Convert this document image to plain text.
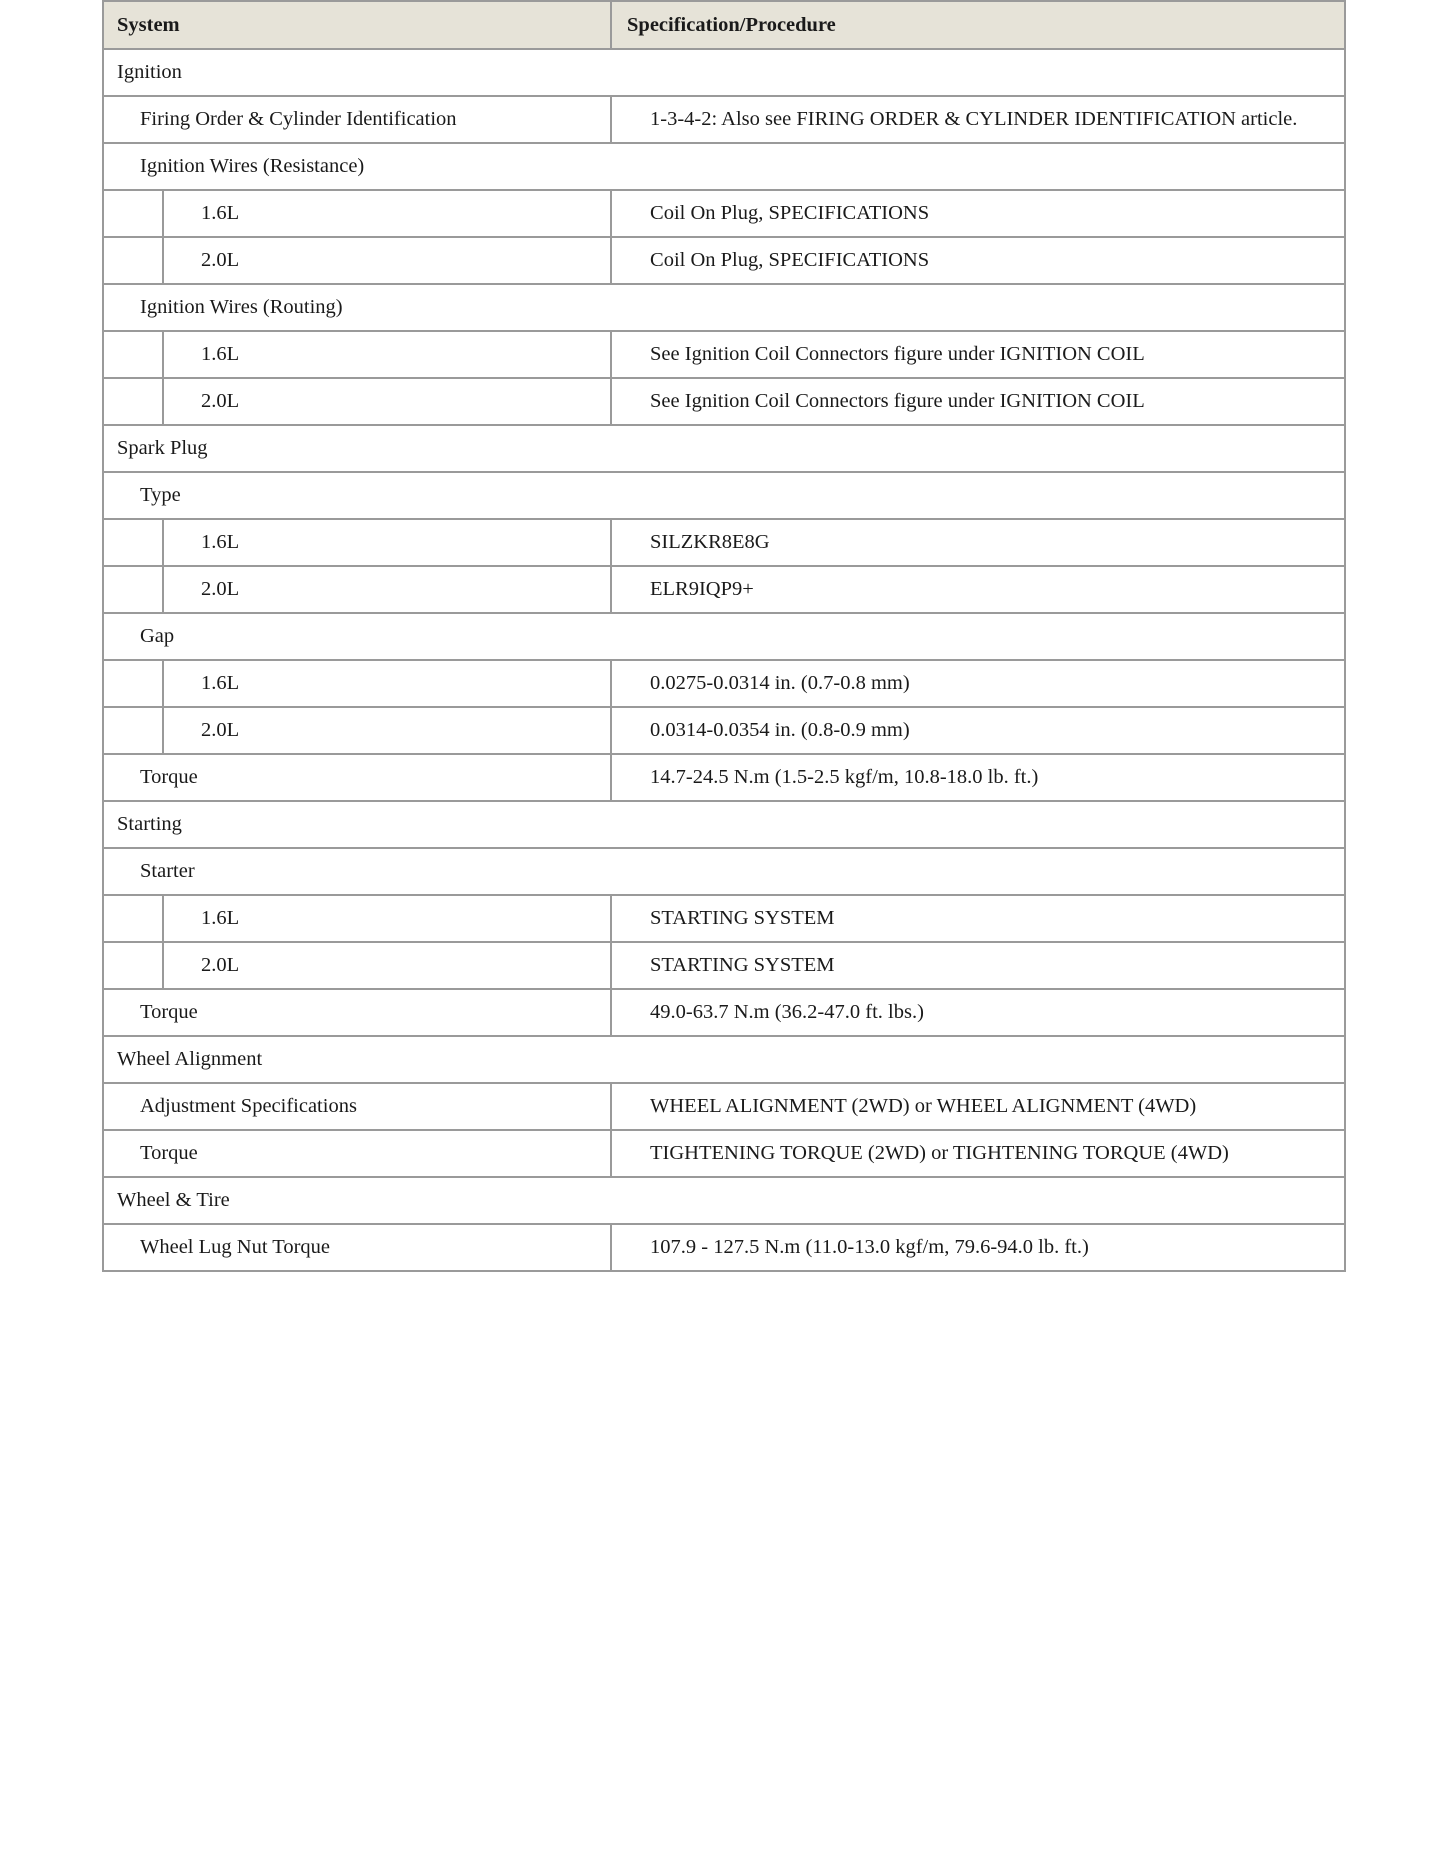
System		Specification/Procedure
Ignition		
Firing Order & Cylinder Identification		1-3-4-2: Also see FIRING ORDER & CYLINDER IDENTIFICATION article.
Ignition Wires (Resistance)		
	1.6L	Coil On Plug, SPECIFICATIONS
	2.0L	Coil On Plug, SPECIFICATIONS
Ignition Wires (Routing)		
	1.6L	See Ignition Coil Connectors figure under IGNITION COIL
	2.0L	See Ignition Coil Connectors figure under IGNITION COIL
Spark Plug		
Type		
	1.6L	SILZKR8E8G
	2.0L	ELR9IQP9+
Gap		
	1.6L	0.0275-0.0314 in. (0.7-0.8 mm)
	2.0L	0.0314-0.0354 in. (0.8-0.9 mm)
Torque		14.7-24.5 N.m (1.5-2.5 kgf/m, 10.8-18.0 lb. ft.)
Starting		
Starter		
	1.6L	STARTING SYSTEM
	2.0L	STARTING SYSTEM
Torque		49.0-63.7 N.m (36.2-47.0 ft. lbs.)
Wheel Alignment		
Adjustment Specifications		WHEEL ALIGNMENT (2WD) or WHEEL ALIGNMENT (4WD)
Torque		TIGHTENING TORQUE (2WD) or TIGHTENING TORQUE (4WD)
Wheel & Tire		
Wheel Lug Nut Torque		107.9 - 127.5 N.m (11.0-13.0 kgf/m, 79.6-94.0 lb. ft.)
